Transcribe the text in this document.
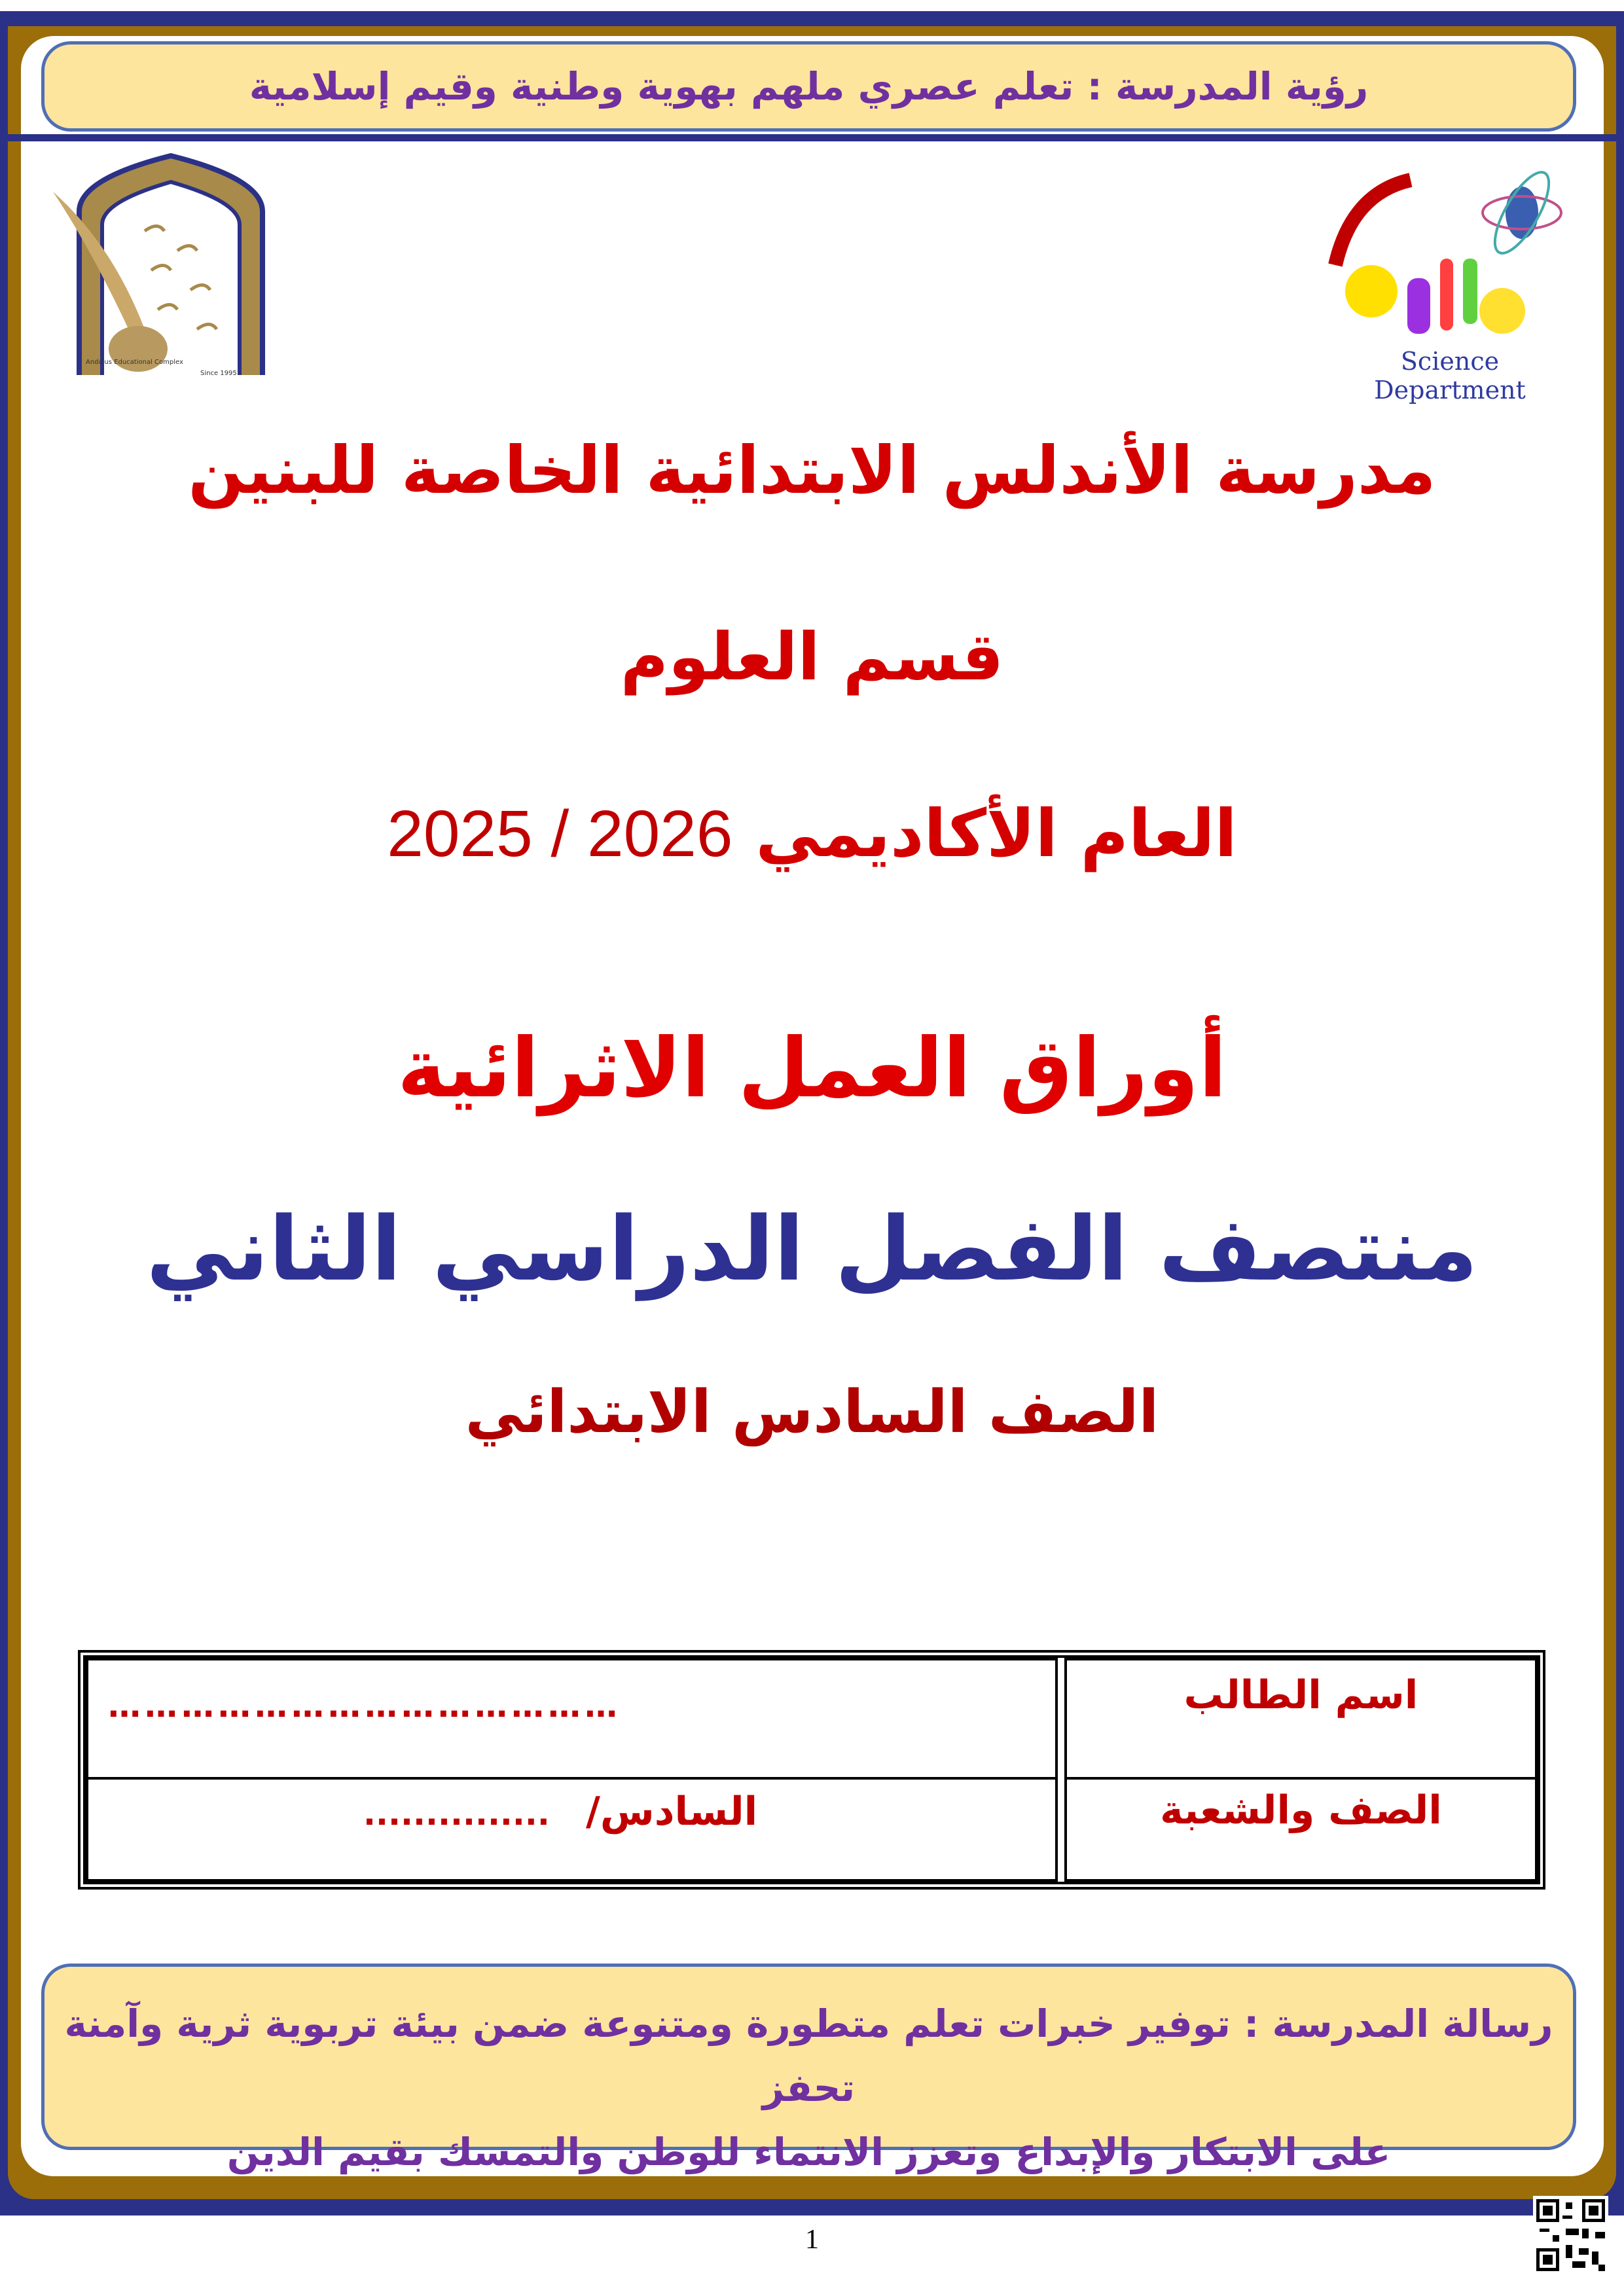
رؤية المدرسة : تعلم عصري ملهم بهوية وطنية وقيم إسلامية
Andalus Educational Complex
Since 1995	Science Department
مدرسة الأندلس الابتدائية الخاصة للبنين
قسم العلوم
العام الأكاديمي 2025 / 2026
أوراق العمل الاثرائية
منتصف الفصل الدراسي الثاني
الصف السادس الابتدائي
……………………………………	اسم الطالب
السادس/ ...............	الصف والشعبة
رسالة المدرسة : توفير خبرات تعلم متطورة ومتنوعة ضمن بيئة تربوية ثرية وآمنة تحفز
على الابتكار والإبداع وتعزز الانتماء للوطن والتمسك بقيم الدين
1
